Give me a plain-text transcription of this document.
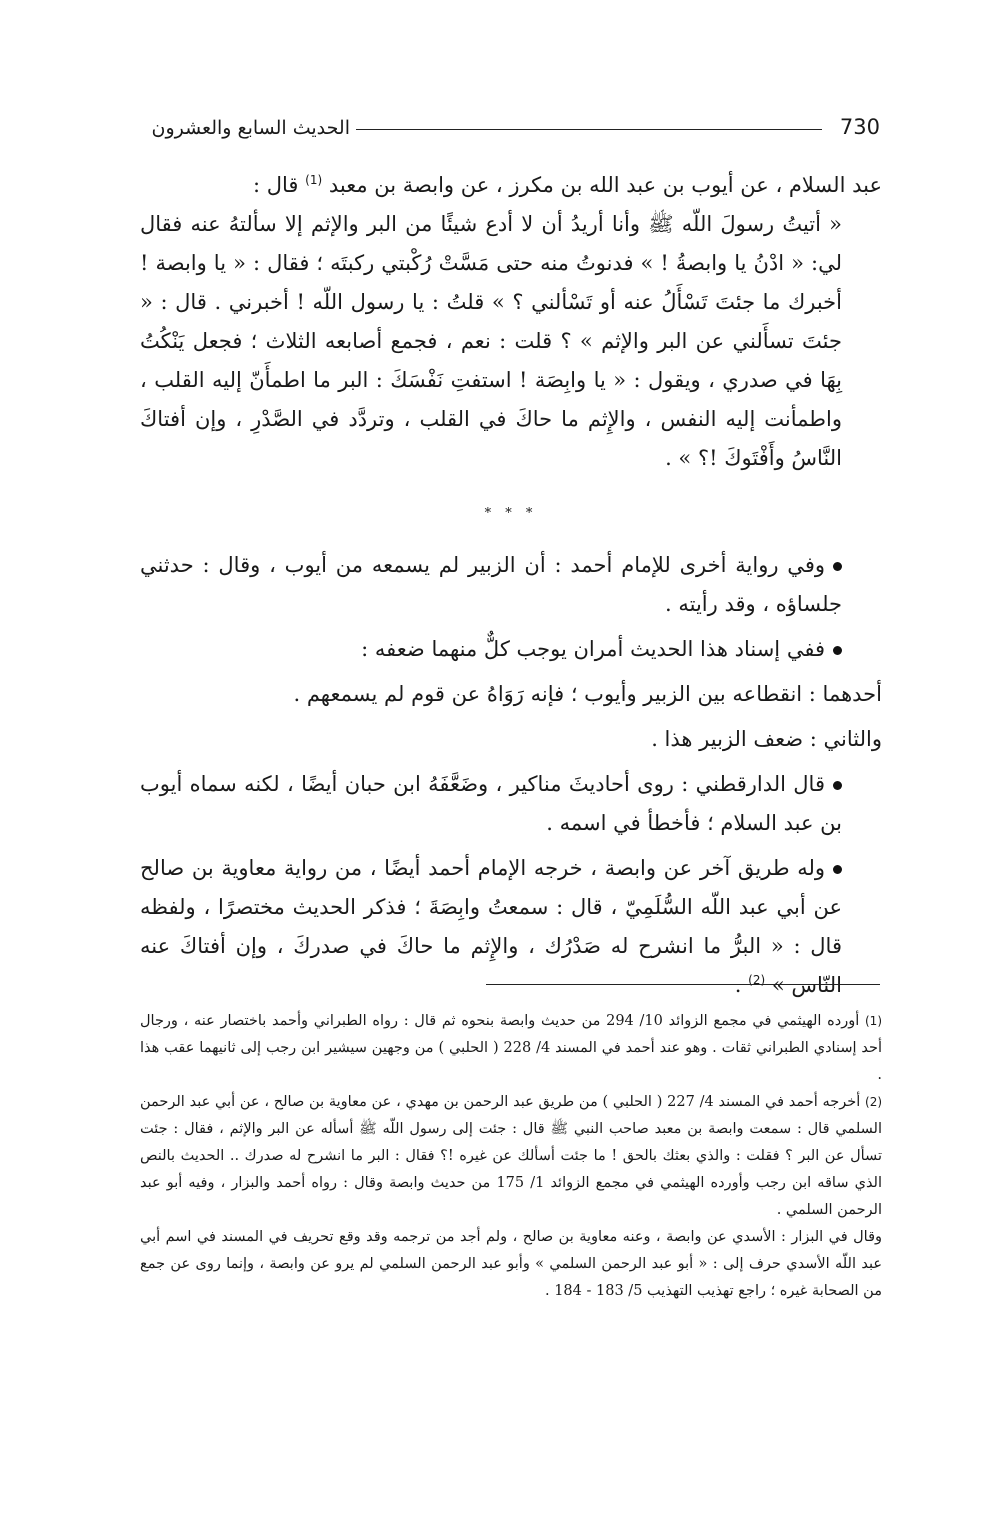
730
الحديث السابع والعشرون

عبد السلام ، عن أيوب بن عبد الله بن مكرز ، عن وابصة بن معبد $^{(1)}$ قال :

« أتيتُ رسولَ اللّه ﷺ وأنا أريدُ أن لا أدع شيئًا من البر والإثم إلا سألتهُ عنه فقال لي: « ادْنُ يا وابصةُ ! » فدنوتُ منه حتى مَسَّتْ رُكْبتي ركبتَه ؛ فقال : « يا وابصة ! أخبرك ما جئتَ تَسْأَلُ عنه أو تَسْألني ؟ » قلتُ : يا رسول اللّه ! أخبرني . قال : « جئتَ تسأَلني عن البر والإثم » ؟ قلت : نعم ، فجمع أصابعه الثلاث ؛ فجعل يَنْكُتُ بِهَا في صدري ، ويقول : « يا وابِصَة ! استفتِ نَفْسَكَ : البر ما اطمأَنّ إليه القلب ، واطمأنت إليه النفس ، والإِثم ما حاكَ في القلب ، وتردَّد في الصَّدْرِ ، وإن أفتاكَ النَّاسُ وأَفْتَوكَ !؟ » .

* * *

وفي رواية أخرى للإمام أحمد : أن الزبير لم يسمعه من أيوب ، وقال : حدثني جلساؤه ، وقد رأيته .

ففي إسناد هذا الحديث أمران يوجب كلٌّ منهما ضعفه :

أحدهما : انقطاعه بين الزبير وأيوب ؛ فإنه رَوَاهُ عن قوم لم يسمعهم .

والثاني : ضعف الزبير هذا .

قال الدارقطني : روى أحاديثَ مناكير ، وضَعَّفَهُ ابن حبان أيضًا ، لكنه سماه أيوب بن عبد السلام ؛ فأخطأ في اسمه .

وله طريق آخر عن وابصة ، خرجه الإمام أحمد أيضًا ، من رواية معاوية بن صالح عن أبي عبد اللّه السُّلَمِيّ ، قال : سمعتُ وابِصَةَ ؛ فذكر الحديث مختصرًا ، ولفظه قال : « البرُّ ما انشرح له صَدْرُك ، والإِثم ما حاكَ في صدركَ ، وإن أفتاكَ عنه النّاس » $^{(2)}$ .

(1) أورده الهيثمي في مجمع الزوائد 10/ 294 من حديث وابصة بنحوه ثم قال : رواه الطبراني وأحمد باختصار عنه ، ورجال أحد إسنادي الطبراني ثقات . وهو عند أحمد في المسند 4/ 228 ( الحلبي ) من وجهين سيشير ابن رجب إلى ثانيهما عقب هذا .

(2) أخرجه أحمد في المسند 4/ 227 ( الحلبي ) من طريق عبد الرحمن بن مهدي ، عن معاوية بن صالح ، عن أبي عبد الرحمن السلمي قال : سمعت وابصة بن معبد صاحب النبي ﷺ قال : جئت إلى رسول اللّه ﷺ أسأله عن البر والإثم ، فقال : جئت تسأل عن البر ؟ فقلت : والذي بعثك بالحق ! ما جئت أسألك عن غيره !؟ فقال : البر ما انشرح له صدرك .. الحديث بالنص الذي ساقه ابن رجب وأورده الهيثمي في مجمع الزوائد 1/ 175 من حديث وابصة وقال : رواه أحمد والبزار ، وفيه أبو عبد الرحمن السلمي .

وقال في البزار : الأسدي عن وابصة ، وعنه معاوية بن صالح ، ولم أجد من ترجمه وقد وقع تحريف في المسند في اسم أبي عبد اللّه الأسدي حرف إلى : « أبو عبد الرحمن السلمي » وأبو عبد الرحمن السلمي لم يرو عن وابصة ، وإنما روى عن جمع من الصحابة غيره ؛ راجع تهذيب التهذيب 5/ 183 - 184 .
